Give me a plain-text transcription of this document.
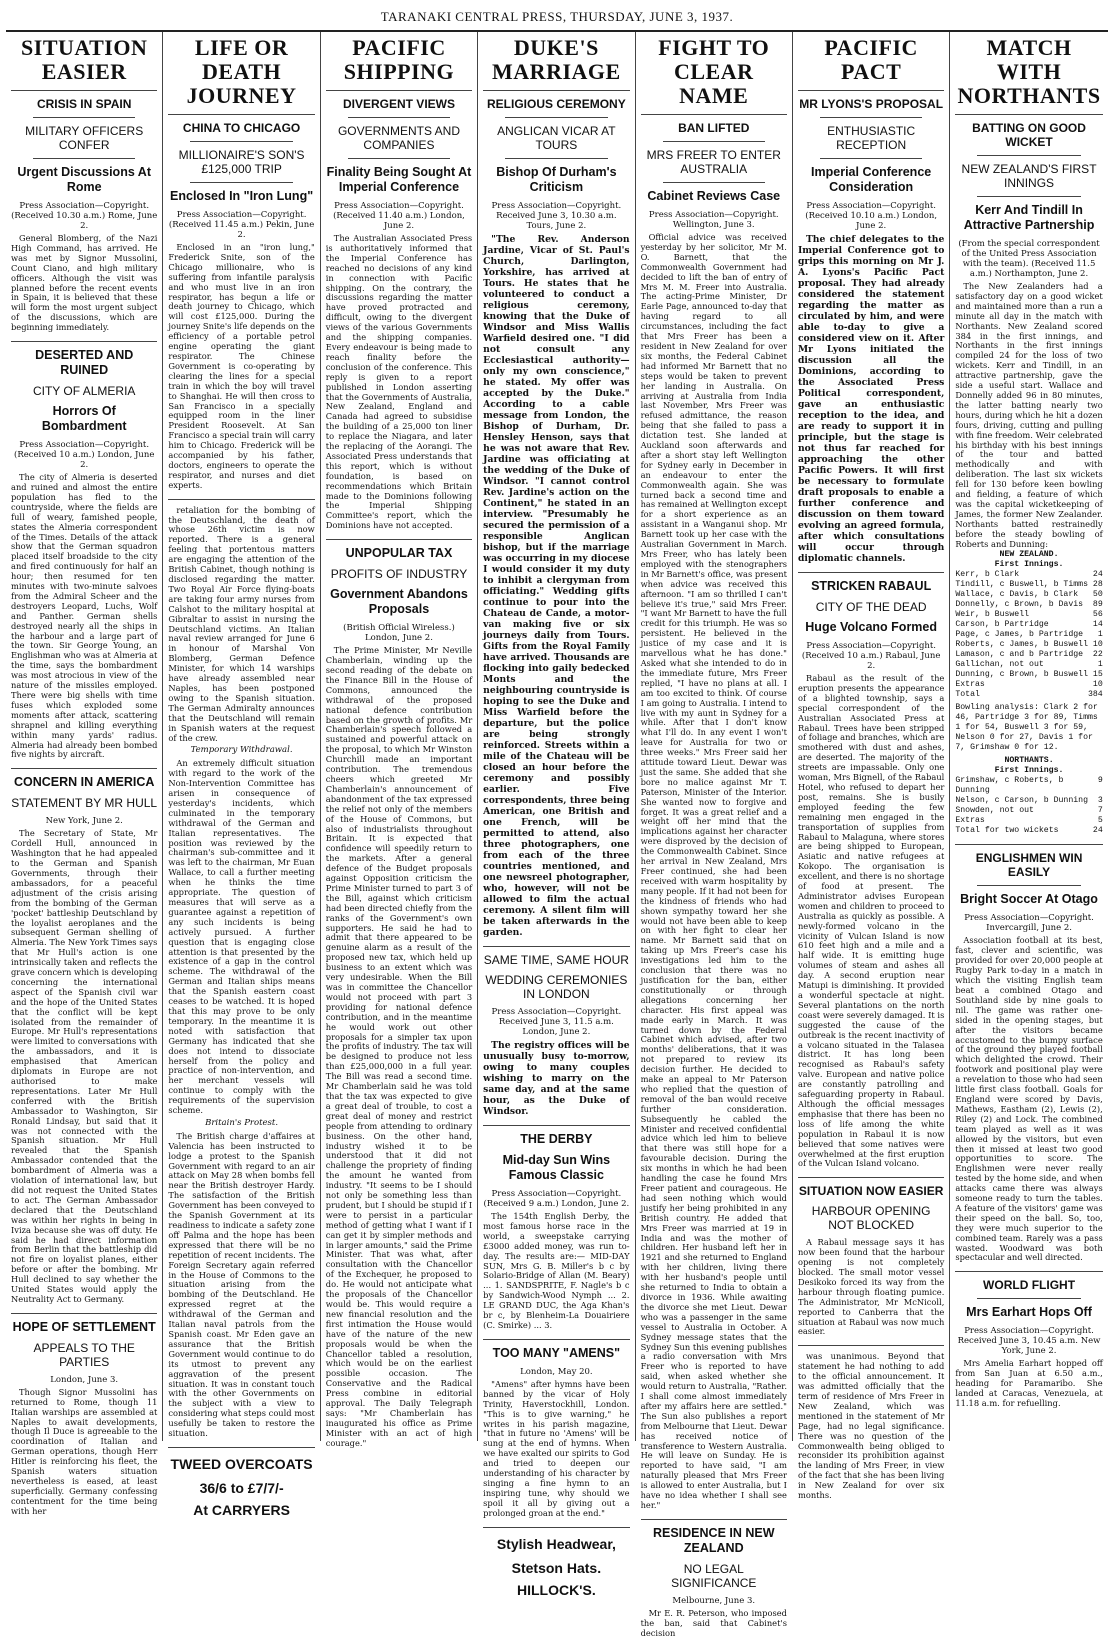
TARANAKI CENTRAL PRESS, THURSDAY, JUNE 3, 1937.
SITUATION EASIER
CRISIS IN SPAIN
MILITARY OFFICERS CONFER
Urgent Discussions At Rome
Press Association—Copyright. (Received 10.30 a.m.) Rome, June 2.

General Blomberg, of the Nazi High Command, has arrived. He was met by Signor Mussolini, Count Ciano, and high military officers. Although the visit was planned before the recent events in Spain, it is believed that these will form the most urgent subject of the discussions, which are beginning immediately.

DESERTED AND RUINED
CITY OF ALMERIA
Horrors Of Bombardment
Press Association—Copyright. (Received 10 a.m.) London, June 2.

The city of Almeria is deserted and ruined and almost the entire population has fled to the countryside, where the fields are full of weary, famished people, states the Almeria correspondent of the Times. Details of the attack show that the German squadron placed itself broadside to the city and fired continuously for half an hour; then resumed for ten minutes with two-minute salvoes from the Admiral Scheer and the destroyers Leopard, Luchs, Wolf and Panther. German shells destroyed nearly all the ships in the harbour and a large part of the town. Sir George Young, an Englishman who was at Almeria at the time, says the bombardment was most atrocious in view of the nature of the missiles employed. There were big shells with time fuses which exploded some moments after attack, scattering shrapnel and killing everything within many yards' radius. Almeria had already been bombed five nights by aircraft.

CONCERN IN AMERICA
STATEMENT BY MR HULL
New York, June 2.

The Secretary of State, Mr Cordell Hull, announced in Washington that he had appealed to the German and Spanish Governments, through their ambassadors, for a peaceful adjustment of the crisis arising from the bombing of the German 'pocket' battleship Deutschland by the loyalist aeroplanes and the subsequent German shelling of Almeria. The New York Times says that Mr Hull's action is one intrinsically taken and reflects the grave concern which is developing concerning the international aspect of the Spanish civil war and the hope of the United States that the conflict will be kept isolated from the remainder of Europe. Mr Hull's representations were limited to conversations with the ambassadors, and it is emphasised that American diplomats in Europe are not authorised to make representations. Later Mr Hull conferred with the British Ambassador to Washington, Sir Ronald Lindsay, but said that it was not connected with the Spanish situation. Mr Hull revealed that the Spanish Ambassador contended that the bombardment of Almeria was a violation of international law, but did not request the United States to act. The German Ambassador declared that the Deutschland was within her rights in being in Iviza because she was off duty. He said he had direct information from Berlin that the battleship did not fire on loyalist planes, either before or after the bombing. Mr Hull declined to say whether the United States would apply the Neutrality Act to Germany.

HOPE OF SETTLEMENT
APPEALS TO THE PARTIES
London, June 3.

Though Signor Mussolini has returned to Rome, though 11 Italian warships are assembled at Naples to await developments, though Il Duce is agreeable to the coordination of Italian and German operations, though Herr Hitler is reinforcing his fleet, the Spanish waters situation nevertheless is eased, at least superficially. Germany confessing contentment for the time being with her

LIFE OR DEATH JOURNEY
CHINA TO CHICAGO
MILLIONAIRE'S SON'S £125,000 TRIP
Enclosed In "Iron Lung"
Press Association—Copyright. (Received 11.45 a.m.) Pekin, June 2.

Enclosed in an "iron lung," Frederick Snite, son of the Chicago millionaire, who is suffering from infantile paralysis and who must live in an iron respirator, has begun a life or death journey to Chicago, which will cost £125,000. During the journey Snite's life depends on the efficiency of a portable petrol engine operating the giant respirator. The Chinese Government is co-operating by clearing the lines for a special train in which the boy will travel to Shanghai. He will then cross to San Francisco in a specially equipped room in the liner President Roosevelt. At San Francisco a special train will carry him to Chicago. Frederick will be accompanied by his father, doctors, engineers to operate the respirator, and nurses and diet experts.

retaliation for the bombing of the Deutschland, the death of whose 26th victim is now reported. There is a general feeling that portentous matters are engaging the attention of the British Cabinet, though nothing is disclosed regarding the matter. Two Royal Air Force flying-boats are taking four army nurses from Calshot to the military hospital at Gibraltar to assist in nursing the Deutschland victims. An Italian naval review arranged for June 6 in honour of Marshal Von Blomberg, German Defence Minister, for which 14 warships have already assembled near Naples, has been postponed owing to the Spanish situation. The German Admiralty announces that the Deutschland will remain in Spanish waters at the request of the crew.

Temporary Withdrawal.

An extremely difficult situation with regard to the work of the Non-Intervention Committee has arisen in consequence of yesterday's incidents, which culminated in the temporary withdrawal of the German and Italian representatives. The position was reviewed by the chairman's sub-committee and it was left to the chairman, Mr Euan Wallace, to call a further meeting when he thinks the time appropriate. The question of measures that will serve as a guarantee against a repetition of any such incidents is being actively pursued. A further question that is engaging close attention is that presented by the existence of a gap in the control scheme. The withdrawal of the German and Italian ships means that the Spanish eastern coast ceases to be watched. It is hoped that this may prove to be only temporary. In the meantime it is noted with satisfaction that Germany has indicated that she does not intend to dissociate herself from the policy and practice of non-intervention, and her merchant vessels will continue to comply with the requirements of the supervision scheme.

Britain's Protest.

The British charge d'affaires at Valencia has been instructed to lodge a protest to the Spanish Government with regard to an air attack on May 28 when bombs fell near the British destroyer Hardy. The satisfaction of the British Government has been conveyed to the Spanish Government at its readiness to indicate a safety zone off Palma and the hope has been expressed that there will be no repetition of recent incidents. The Foreign Secretary again referred in the House of Commons to the situation arising from the bombing of the Deutschland. He expressed regret at the withdrawal of the German and Italian naval patrols from the Spanish coast. Mr Eden gave an assurance that the British Government would continue to do its utmost to prevent any aggravation of the present situation. It was in constant touch with the other Governments on the subject with a view to considering what steps could most usefully be taken to restore the situation.

TWEED OVERCOATS
36/6 to £7/7/-
At CARRYERS
PACIFIC SHIPPING
DIVERGENT VIEWS
GOVERNMENTS AND COMPANIES
Finality Being Sought At Imperial Conference
Press Association—Copyright. (Received 11.40 a.m.) London, June 2.

The Australian Associated Press is authoritatively informed that the Imperial Conference has reached no decisions of any kind in connection with Pacific shipping. On the contrary, the discussions regarding the matter have proved protracted and difficult, owing to the divergent views of the various Governments and the shipping companies. Every endeavour is being made to reach finality before the conclusion of the conference. This reply is given to a report published in London asserting that the Governments of Australia, New Zealand, England and Canada had agreed to subsidise the building of a 25,000 ton liner to replace the Niagara, and later the replacing of the Aorangi. The Associated Press understands that this report, which is without foundation, is based on recommendations which Britain made to the Dominions following the Imperial Shipping Committee's report, which the Dominions have not accepted.

UNPOPULAR TAX
PROFITS OF INDUSTRY
Government Abandons Proposals
(British Official Wireless.) London, June 2.

The Prime Minister, Mr Neville Chamberlain, winding up the second reading of the debate on the Finance Bill in the House of Commons, announced the withdrawal of the proposed national defence contribution based on the growth of profits. Mr Chamberlain's speech followed a sustained and powerful attack on the proposal, to which Mr Winston Churchill made an important contribution. The tremendous cheers which greeted Mr Chamberlain's announcement of abandonment of the tax expressed the relief not only of the members of the House of Commons, but also of industrialists throughout Britain. It is expected that confidence will speedily return to the markets. After a general defence of the Budget proposals against Opposition criticism the Prime Minister turned to part 3 of the Bill, against which criticism had been directed chiefly from the ranks of the Government's own supporters. He said he had to admit that there appeared to be genuine alarm as a result of the proposed new tax, which held up business to an extent which was very undesirable. When the Bill was in committee the Chancellor would not proceed with part 3 providing for national defence contribution, and in the meantime he would work out other proposals for a simpler tax upon the profits of industry. The tax will be designed to produce not less than £25,000,000 in a full year. The Bill was read a second time. Mr Chamberlain said he was told that the tax was expected to give a great deal of trouble, to cost a great deal of money and restrict people from attending to ordinary business. On the other hand, industry wished it to be understood that it did not challenge the propriety of finding the amount he wanted from industry. "It seems to be I should not only be something less than prudent, but I should be stupid if I were to persist in a particular method of getting what I want if I can get it by simpler methods and in larger amounts," said the Prime Minister. That was what, after consultation with the Chancellor of the Exchequer, he proposed to do. He would not anticipate what the proposals of the Chancellor would be. This would require a new financial resolution and the first intimation the House would have of the nature of the new proposals would be when the Chancellor tabled a resolution, which would be on the earliest possible occasion. The Conservative and the Radical Press combine in editorial approval. The Daily Telegraph says: "Mr Chamberlain has inaugurated his office as Prime Minister with an act of high courage."

DUKE'S MARRIAGE
RELIGIOUS CEREMONY
ANGLICAN VICAR AT TOURS
Bishop Of Durham's Criticism
Press Association—Copyright. Received June 3, 10.30 a.m. Tours, June 2.

"The Rev. Anderson Jardine, Vicar of St. Paul's Church, Darlington, Yorkshire, has arrived at Tours. He states that he volunteered to conduct a religious ceremony, knowing that the Duke of Windsor and Miss Wallis Warfield desired one. "I did not consult any Ecclesiastical authority—only my own conscience," he stated. My offer was accepted by the Duke." According to a cable message from London, the Bishop of Durham, Dr. Hensley Henson, says that he was not aware that Rev. Jardine was officiating at the wedding of the Duke of Windsor. "I cannot control Rev. Jardine's action on the Continent," he stated in an interview. "Presumably he secured the permission of a responsible Anglican bishop, but if the marriage was occurring in my diocese I would consider it my duty to inhibit a clergyman from officiating." Wedding gifts continue to pour into the Chateau de Cande, a motor-van making five or six journeys daily from Tours. Gifts from the Royal Family have arrived. Thousands are flocking into gaily bedecked Monts and the neighbouring countryside is hoping to see the Duke and Miss Warfield before the departure, but the police are being strongly reinforced. Streets within a mile of the Chateau will be closed an hour before the ceremony and possibly earlier. Five correspondents, three being American, one British and one French, will be permitted to attend, also three photographers, one from each of the three countries mentioned, and one newsreel photographer, who, however, will not be allowed to film the actual ceremony. A silent film will be taken afterwards in the garden.

SAME TIME, SAME HOUR
WEDDING CEREMONIES IN LONDON
Press Association—Copyright. Received June 3, 11.5 a.m. London, June 2.

The registry offices will be unusually busy to-morrow, owing to many couples wishing to marry on the same day, and at the same hour, as the Duke of Windsor.

THE DERBY
Mid-day Sun Wins Famous Classic
Press Association—Copyright. (Received 9 a.m.) London, June 2.

The 154th English Derby, the most famous horse race in the world, a sweepstake carrying £3000 added money, was run to-day. The results are:— MID-DAY SUN, Mrs G. B. Miller's b c by Solario-Bridge of Allan (M. Beary) ... 1. SANDSPRITE, F. Nagle's b c by Sandwich-Wood Nymph ... 2. LE GRAND DUC, the Aga Khan's br c, by Blenheim-La Douairiere (C. Smirke) ... 3.

TOO MANY "AMENS"
London, May 20.

"Amens" after hymns have been banned by the vicar of Holy Trinity, Haverstockhill, London. "This is to give warning," he writes in his parish magazine, "that in future no 'Amens' will be sung at the end of hymns. When we have exalted our spirits to God and tried to deepen our understanding of his character by singing a fine hymn to an inspiring tune, why should we spoil it all by giving out a prolonged groan at the end."

Stylish Headwear,
Stetson Hats.
HILLOCK'S.
FIGHT TO CLEAR NAME
BAN LIFTED
MRS FREER TO ENTER AUSTRALIA
Cabinet Reviews Case
Press Association—Copyright. Wellington, June 3.

Official advice was received yesterday by her solicitor, Mr M. O. Barnett, that the Commonwealth Government had decided to lift the ban of entry of Mrs M. M. Freer into Australia. The acting-Prime Minister, Dr Earle Page, announced to-day that having regard to all circumstances, including the fact that Mrs Freer has been a resident in New Zealand for over six months, the Federal Cabinet had informed Mr Barnett that no steps would be taken to prevent her landing in Australia. On arriving at Australia from India last November, Mrs Freer was refused admittance, the reason being that she failed to pass a dictation test. She landed at Auckland soon afterwards and after a short stay left Wellington for Sydney early in December in an endeavour to enter the Commonwealth again. She was turned back a second time and has remained at Wellington except for a short experience as an assistant in a Wanganui shop. Mr Barnett took up her case with the Australian Government in March. Mrs Freer, who has lately been employed with the stenographers in Mr Barnett's office, was present when advice was received this afternoon. "I am so thrilled I can't believe it's true," said Mrs Freer. "I want Mr Barnett to have the full credit for this triumph. He was so persistent. He believed in the justice of my case and it is marvellous what he has done." Asked what she intended to do in the immediate future, Mrs Freer replied, "I have no plans at all. I am too excited to think. Of course I am going to Australia. I intend to live with my aunt in Sydney for a while. After that I don't know what I'll do. In any event I won't leave for Australia for two or three weeks." Mrs Freer said her attitude toward Lieut. Dewar was just the same. She added that she bore no malice against Mr T. Paterson, Minister of the Interior. She wanted now to forgive and forget. It was a great relief and a weight off her mind that the implications against her character were disproved by the decision of the Commonwealth Cabinet. Since her arrival in New Zealand, Mrs Freer continued, she had been received with warm hospitality by many people. If it had not been for the kindness of friends who had shown sympathy toward her she would not have been able to keep on with her fight to clear her name. Mr Barnett said that on taking up Mrs Freer's case his investigations led him to the conclusion that there was no justification for the ban, either constitutionally or through allegations concerning her character. His first appeal was made early in March. It was turned down by the Federal Cabinet which advised, after two months' deliberations, that it was not prepared to review its decision further. He decided to make an appeal to Mr Paterson who replied that the question of removal of the ban would receive further consideration. Subsequently he cabled the Minister and received confidential advice which led him to believe that there was still hope for a favourable decision. During the six months in which he had been handling the case he found Mrs Freer patient and courageous. He had seen nothing which would justify her being prohibited in any British country. He added that Mrs Freer was married at 19 in India and was the mother of children. Her husband left her in 1921 and she returned to England with her children, living there with her husband's people until she returned to India to obtain a divorce in 1936. While awaiting the divorce she met Lieut. Dewar who was a passenger in the same vessel to Australia in October. A Sydney message states that the Sydney Sun this evening publishes a radio conversation with Mrs Freer who is reported to have said, when asked whether she would return to Australia, "Rather. I shall come almost immediately after my affairs here are settled." The Sun also publishes a report from Melbourne that Lieut. Dewar has received notice of transference to Western Australia. He will leave on Sunday. He is reported to have said, "I am naturally pleased that Mrs Freer is allowed to enter Australia, but I have no idea whether I shall see her."

RESIDENCE IN NEW ZEALAND
NO LEGAL SIGNIFICANCE
Melbourne, June 3.

Mr E. R. Peterson, who imposed the ban, said that Cabinet's decision

PACIFIC PACT
MR LYONS'S PROPOSAL
ENTHUSIASTIC RECEPTION
Imperial Conference Consideration
Press Association—Copyright. (Received 10.10 a.m.) London, June 2.

The chief delegates to the Imperial Conference got to grips this morning on Mr J. A. Lyons's Pacific Pact proposal. They had already considered the statement regarding the matter as circulated by him, and were able to-day to give a considered view on it. After Mr Lyons initiated the discussion all the Dominions, according to the Associated Press Political correspondent, gave an enthusiastic reception to the idea, and are ready to support it in principle, but the stage is not thus far reached for approaching the other Pacific Powers. It will first be necessary to formulate draft proposals to enable a further conference and discussion on them toward evolving an agreed formula, after which consultations will occur through diplomatic channels.

STRICKEN RABAUL
CITY OF THE DEAD
Huge Volcano Formed
Press Association—Copyright. (Received 10 a.m.) Rabaul, June 2.

Rabaul as the result of the eruption presents the appearance of a blighted township, says a special correspondent of the Australian Associated Press at Rabaul. Trees have been stripped of foliage and branches, which are smothered with dust and ashes, are deserted. The majority of the streets are impassable. Only one woman, Mrs Bignell, of the Rabaul Hotel, who refused to depart her post, remains. She is busily employed feeding the few remaining men engaged in the transportation of supplies from Rabaul to Malaguna, where stores are being shipped to European, Asiatic and native refugees at Kokopo. The organisation is excellent, and there is no shortage of food at present. The Administrator advises European women and children to proceed to Australia as quickly as possible. A newly-formed volcano in the vicinity of Vulcan Island is now 610 feet high and a mile and a half wide. It is emitting huge volumes of steam and ashes all day. A second eruption near Matupi is diminishing. It provided a wonderful spectacle at night. Several plantations on the north coast were severely damaged. It is suggested the cause of the outbreak is the recent inactivity of a volcano situated in the Talasea district. It has long been recognised as Rabaul's safety valve. European and native police are constantly patrolling and safeguarding property in Rabaul. Although the official messages emphasise that there has been no loss of life among the white population in Rabaul it is now believed that some natives were overwhelmed at the first eruption of the Vulcan Island volcano.

SITUATION NOW EASIER
HARBOUR OPENING NOT BLOCKED

A Rabaul message says it has now been found that the harbour opening is not completely blocked. The small motor vessel Desikoko forced its way from the harbour through floating pumice. The Administrator, Mr McNicoll, reported to Canberra that the situation at Rabaul was now much easier.

was unanimous. Beyond that statement he had nothing to add to the official announcement. It was admitted officially that the term of residence of Mrs Freer in New Zealand, which was mentioned in the statement of Mr Page, had no legal significance. There was no question of the Commonwealth being obliged to reconsider its prohibition against the landing of Mrs Freer, in view of the fact that she has been living in New Zealand for over six months.

MATCH WITH NORTHANTS
BATTING ON GOOD WICKET
NEW ZEALAND'S FIRST INNINGS
Kerr And Tindill In Attractive Partnership
(From the special correspondent of the United Press Association with the team). (Received 11.5 a.m.) Northampton, June 2.

The New Zealanders had a satisfactory day on a good wicket and maintained more than a run a minute all day in the match with Northants. New Zealand scored 384 in the first innings, and Northants in the first innings compiled 24 for the loss of two wickets. Kerr and Tindill, in an attractive partnership, gave the side a useful start. Wallace and Donnelly added 96 in 80 minutes, the latter batting nearly two hours, during which he hit a dozen fours, driving, cutting and pulling with fine freedom. Weir celebrated his birthday with his best innings of the tour and batted methodically and with deliberation. The last six wickets fell for 130 before keen bowling and fielding, a feature of which was the capital wicketkeeping of James, the former New Zealander. Northants batted restrainedly before the steady bowling of Roberts and Dunning:

NEW ZEALAND.
First Innings.
Kerr, b Clark	24
Tindill, c Buswell, b Timms 28
Wallace, c Davis, b Clark 50
Donnelly, c Brown, b Davis 89
Weir, b Buswell	56
Carson, b Partridge	14
Page, c James, b Partridge 1
Roberts, c James, b Buswell 10
Lamason, c and b Partridge 22
Gallichan, not out	1
Dunning, c Brown, b Buswell 15
Extras	10
Total	384
Bowling analysis: Clark 2 for 46, Partridge 3 for 89, Timms 1 for 54, Buswell 3 for 59, Nelson 0 for 27, Davis 1 for 7, Grimshaw 0 for 12.
NORTHANTS.
First Innings.
Grimshaw, c Roberts, b Dunning
9
Nelson, c Carson, b Dunning 3
Snowden, not out	7
Extras	5
Total for two wickets	24
ENGLISHMEN WIN EASILY
Bright Soccer At Otago
Press Association—Copyright. Invercargill, June 2.

Association football at its best, fast, clever and scientific, was provided for over 20,000 people at Rugby Park to-day in a match in which the visiting English team beat a combined Otago and Southland side by nine goals to nil. The game was rather one-sided in the opening stages, but after the visitors became accustomed to the bumpy surface of the ground they played football which delighted the crowd. Their footwork and positional play were a revelation to those who had seen little first class football. Goals for England were scored by Davis, Mathews, Eastham (2), Lewis (2), Riley (2) and Lock. The combined team played as well as it was allowed by the visitors, but even then it missed at least two good opportunities to score. The Englishmen were never really tested by the home side, and when attacks came there was always someone ready to turn the tables. A feature of the visitors' game was their speed on the ball. So, too, they were much superior to the combined team. Rarely was a pass wasted. Woodward was both spectacular and well directed.

WORLD FLIGHT
Mrs Earhart Hops Off
Press Association—Copyright. Received June 3, 10.45 a.m. New York, June 2.

Mrs Amelia Earhart hopped off from San Juan at 6.50 a.m., heading for Paramaribo. She landed at Caracas, Venezuela, at 11.18 a.m. for refuelling.
